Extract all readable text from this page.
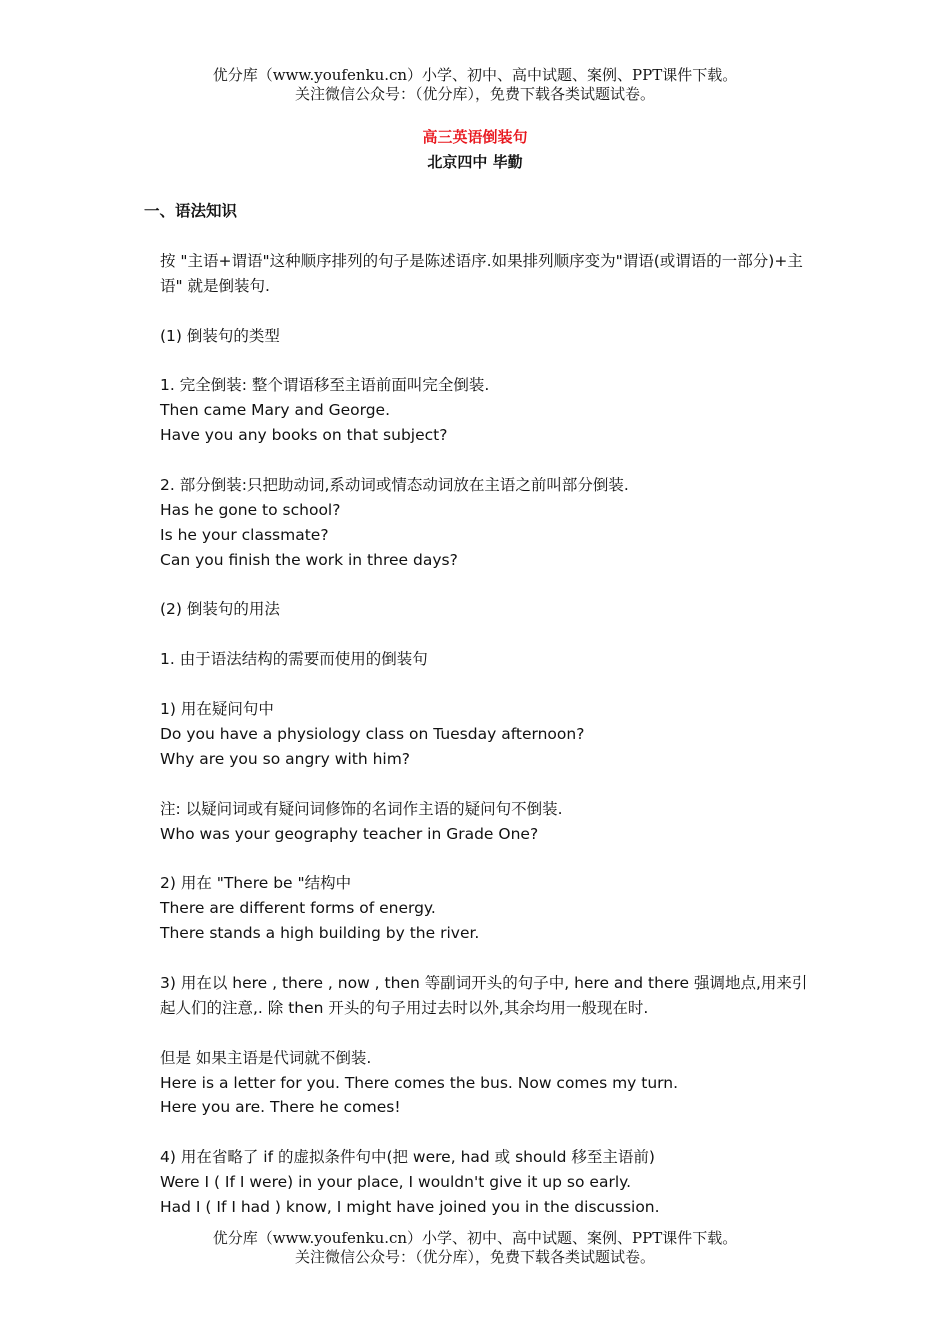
优分库（www.youfenku.cn）小学、初中、高中试题、案例、PPT课件下载。
关注微信公众号：（优分库），免费下载各类试题试卷。
高三英语倒装句
北京四中 毕勤

一、语法知识

按 "主语+谓语"这种顺序排列的句子是陈述语序.如果排列顺序变为"谓语(或谓语的一部分)+主语" 就是倒装句.

(1) 倒装句的类型

1. 完全倒装: 整个谓语移至主语前面叫完全倒装.

Then came Mary and George.

Have you any books on that subject?

2. 部分倒装:只把助动词,系动词或情态动词放在主语之前叫部分倒装.

Has he gone to school?

Is he your classmate?

Can you finish the work in three days?

(2) 倒装句的用法

1. 由于语法结构的需要而使用的倒装句

1) 用在疑问句中

Do you have a physiology class on Tuesday afternoon?

Why are you so angry with him?

注: 以疑问词或有疑问词修饰的名词作主语的疑问句不倒装.

Who was your geography teacher in Grade One?

2) 用在 "There be "结构中

There are different forms of energy.

There stands a high building by the river.

3) 用在以 here , there , now , then 等副词开头的句子中, here and there 强调地点,用来引起人们的注意,. 除 then 开头的句子用过去时以外,其余均用一般现在时.

但是 如果主语是代词就不倒装.

Here is a letter for you. There comes the bus. Now comes my turn.

Here you are. There he comes!

4) 用在省略了 if 的虚拟条件句中(把 were, had 或 should 移至主语前)

Were I ( If I were) in your place, I wouldn't give it up so early.

Had I ( If I had ) know, I might have joined you in the discussion.

优分库（www.youfenku.cn）小学、初中、高中试题、案例、PPT课件下载。
关注微信公众号：（优分库），免费下载各类试题试卷。
